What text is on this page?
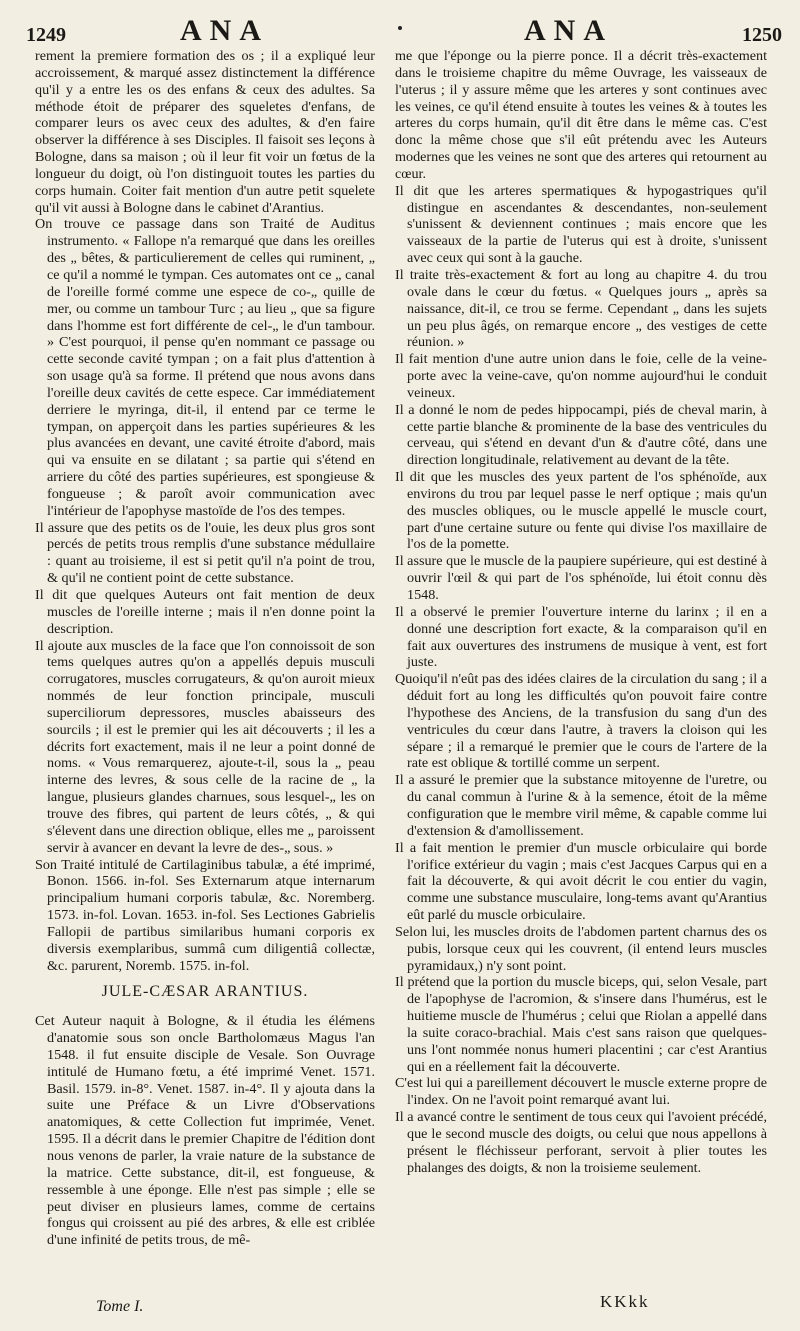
1249	ANA	ANA	1250

rement la premiere formation des os ; il a expliqué leur accroissement, & marqué assez distinctement la différence qu'il y a entre les os des enfans & ceux des adultes. Sa méthode étoit de préparer des squeletes d'enfans, de comparer leurs os avec ceux des adultes, & d'en faire observer la différence à ses Disciples. Il faisoit ses leçons à Bologne, dans sa maison ; où il leur fit voir un fœtus de la longueur du doigt, où l'on distinguoit toutes les parties du corps humain. Coiter fait mention d'un autre petit squelete qu'il vit aussi à Bologne dans le cabinet d'Arantius.

On trouve ce passage dans son Traité de Auditus instrumento. « Fallope n'a remarqué que dans les oreilles des „ bêtes, & particulierement de celles qui ruminent, „ ce qu'il a nommé le tympan. Ces automates ont ce „ canal de l'oreille formé comme une espece de co-„ quille de mer, ou comme un tambour Turc ; au lieu „ que sa figure dans l'homme est fort différente de cel-„ le d'un tambour. » C'est pourquoi, il pense qu'en nommant ce passage ou cette seconde cavité tympan ; on a fait plus d'attention à son usage qu'à sa forme. Il prétend que nous avons dans l'oreille deux cavités de cette espece. Car immédiatement derriere le myringa, dit-il, il entend par ce terme le tympan, on apperçoit dans les parties supérieures & les plus avancées en devant, une cavité étroite d'abord, mais qui va ensuite en se dilatant ; sa partie qui s'étend en arriere du côté des parties supérieures, est spongieuse & fongueuse ; & paroît avoir communication avec l'intérieur de l'apophyse mastoïde de l'os des tempes.

Il assure que des petits os de l'ouie, les deux plus gros sont percés de petits trous remplis d'une substance médullaire : quant au troisieme, il est si petit qu'il n'a point de trou, & qu'il ne contient point de cette substance.

Il dit que quelques Auteurs ont fait mention de deux muscles de l'oreille interne ; mais il n'en donne point la description.

Il ajoute aux muscles de la face que l'on connoissoit de son tems quelques autres qu'on a appellés depuis musculi corrugatores, muscles corrugateurs, & qu'on auroit mieux nommés de leur fonction principale, musculi superciliorum depressores, muscles abaisseurs des sourcils ; il est le premier qui les ait découverts ; il les a décrits fort exactement, mais il ne leur a point donné de noms. « Vous remarquerez, ajoute-t-il, sous la „ peau interne des levres, & sous celle de la racine de „ la langue, plusieurs glandes charnues, sous lesquel-„ les on trouve des fibres, qui partent de leurs côtés, „ & qui s'élevent dans une direction oblique, elles me „ paroissent servir à avancer en devant la levre de des-„ sous. »

Son Traité intitulé de Cartilaginibus tabulæ, a été imprimé, Bonon. 1566. in-fol. Ses Externarum atque internarum principalium humani corporis tabulæ, &c. Noremberg. 1573. in-fol. Lovan. 1653. in-fol. Ses Lectiones Gabrielis Fallopii de partibus similaribus humani corporis ex diversis exemplaribus, summâ cum diligentiâ collectæ, &c. parurent, Noremb. 1575. in-fol.

JULE-CÆSAR ARANTIUS.

Cet Auteur naquit à Bologne, & il étudia les élémens d'anatomie sous son oncle Bartholomæus Magus l'an 1548. il fut ensuite disciple de Vesale. Son Ouvrage intitulé de Humano fœtu, a été imprimé Venet. 1571. Basil. 1579. in-8°. Venet. 1587. in-4°. Il y ajouta dans la suite une Préface & un Livre d'Observations anatomiques, & cette Collection fut imprimée, Venet. 1595. Il a décrit dans le premier Chapitre de l'édition dont nous venons de parler, la vraie nature de la substance de la matrice. Cette substance, dit-il, est fongueuse, & ressemble à une éponge. Elle n'est pas simple ; elle se peut diviser en plusieurs lames, comme de certains fongus qui croissent au pié des arbres, & elle est criblée d'une infinité de petits trous, de mê-

me que l'éponge ou la pierre ponce. Il a décrit très-exactement dans le troisieme chapitre du même Ouvrage, les vaisseaux de l'uterus ; il y assure même que les arteres y sont continues avec les veines, ce qu'il étend ensuite à toutes les veines & à toutes les arteres du corps humain, qu'il dit être dans le même cas. C'est donc la même chose que s'il eût prétendu avec les Auteurs modernes que les veines ne sont que des arteres qui retournent au cœur.

Il dit que les arteres spermatiques & hypogastriques qu'il distingue en ascendantes & descendantes, non-seulement s'unissent & deviennent continues ; mais encore que les vaisseaux de la partie de l'uterus qui est à droite, s'unissent avec ceux qui sont à la gauche.

Il traite très-exactement & fort au long au chapitre 4. du trou ovale dans le cœur du fœtus. « Quelques jours „ après sa naissance, dit-il, ce trou se ferme. Cependant „ dans les sujets un peu plus âgés, on remarque encore „ des vestiges de cette réunion. »

Il fait mention d'une autre union dans le foie, celle de la veine-porte avec la veine-cave, qu'on nomme aujourd'hui le conduit veineux.

Il a donné le nom de pedes hippocampi, piés de cheval marin, à cette partie blanche & prominente de la base des ventricules du cerveau, qui s'étend en devant d'un & d'autre côté, dans une direction longitudinale, relativement au devant de la tête.

Il dit que les muscles des yeux partent de l'os sphénoïde, aux environs du trou par lequel passe le nerf optique ; mais qu'un des muscles obliques, ou le muscle appellé le muscle court, part d'une certaine suture ou fente qui divise l'os maxillaire de l'os de la pomette.

Il assure que le muscle de la paupiere supérieure, qui est destiné à ouvrir l'œil & qui part de l'os sphénoïde, lui étoit connu dès 1548.

Il a observé le premier l'ouverture interne du larinx ; il en a donné une description fort exacte, & la comparaison qu'il en fait aux ouvertures des instrumens de musique à vent, est fort juste.

Quoiqu'il n'eût pas des idées claires de la circulation du sang ; il a déduit fort au long les difficultés qu'on pouvoit faire contre l'hypothese des Anciens, de la transfusion du sang d'un des ventricules du cœur dans l'autre, à travers la cloison qui les sépare ; il a remarqué le premier que le cours de l'artere de la rate est oblique & tortillé comme un serpent.

Il a assuré le premier que la substance mitoyenne de l'uretre, ou du canal commun à l'urine & à la semence, étoit de la même configuration que le membre viril même, & capable comme lui d'extension & d'amollissement.

Il a fait mention le premier d'un muscle orbiculaire qui borde l'orifice extérieur du vagin ; mais c'est Jacques Carpus qui en a fait la découverte, & qui avoit décrit le cou entier du vagin, comme une substance musculaire, long-tems avant qu'Arantius eût parlé du muscle orbiculaire.

Selon lui, les muscles droits de l'abdomen partent charnus des os pubis, lorsque ceux qui les couvrent, (il entend leurs muscles pyramidaux,) n'y sont point.

Il prétend que la portion du muscle biceps, qui, selon Vesale, part de l'apophyse de l'acromion, & s'insere dans l'humérus, est le huitieme muscle de l'humérus ; celui que Riolan a appellé dans la suite coraco-brachial. Mais c'est sans raison que quelques-uns l'ont nommée nonus humeri placentini ; car c'est Arantius qui en a réellement fait la découverte.

C'est lui qui a pareillement découvert le muscle externe propre de l'index. On ne l'avoit point remarqué avant lui.

Il a avancé contre le sentiment de tous ceux qui l'avoient précédé, que le second muscle des doigts, ou celui que nous appellons à présent le fléchisseur perforant, servoit à plier toutes les phalanges des doigts, & non la troisieme seulement.

Tome I.	KKkk
